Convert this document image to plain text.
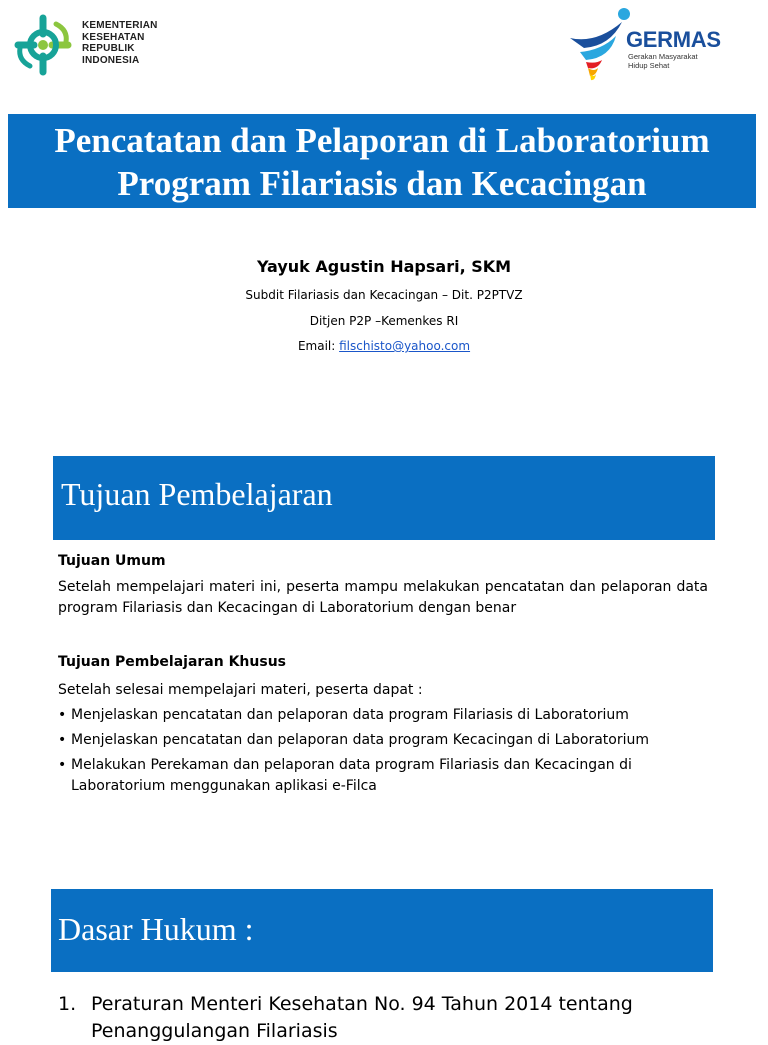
KEMENTERIAN
KESEHATAN
REPUBLIK
INDONESIA
GERMAS
Gerakan Masyarakat
Hidup Sehat
Pencatatan dan Pelaporan di Laboratorium
Program Filariasis dan Kecacingan
Yayuk Agustin Hapsari, SKM
Subdit Filariasis dan Kecacingan – Dit. P2PTVZ
Ditjen P2P –Kemenkes RI
Email: filschisto@yahoo.com
Tujuan Pembelajaran
Tujuan Umum
Setelah mempelajari materi ini, peserta mampu melakukan pencatatan dan pelaporan data program Filariasis dan Kecacingan di Laboratorium dengan benar
Tujuan Pembelajaran Khusus
Setelah selesai mempelajari materi, peserta dapat :
• Menjelaskan pencatatan dan pelaporan data program Filariasis di Laboratorium
• Menjelaskan pencatatan dan pelaporan data program Kecacingan di Laboratorium
• Melakukan Perekaman dan pelaporan data program Filariasis dan Kecacingan di Laboratorium menggunakan aplikasi e-Filca
Dasar Hukum :
1. Peraturan Menteri Kesehatan No. 94 Tahun 2014 tentang Penanggulangan Filariasis
